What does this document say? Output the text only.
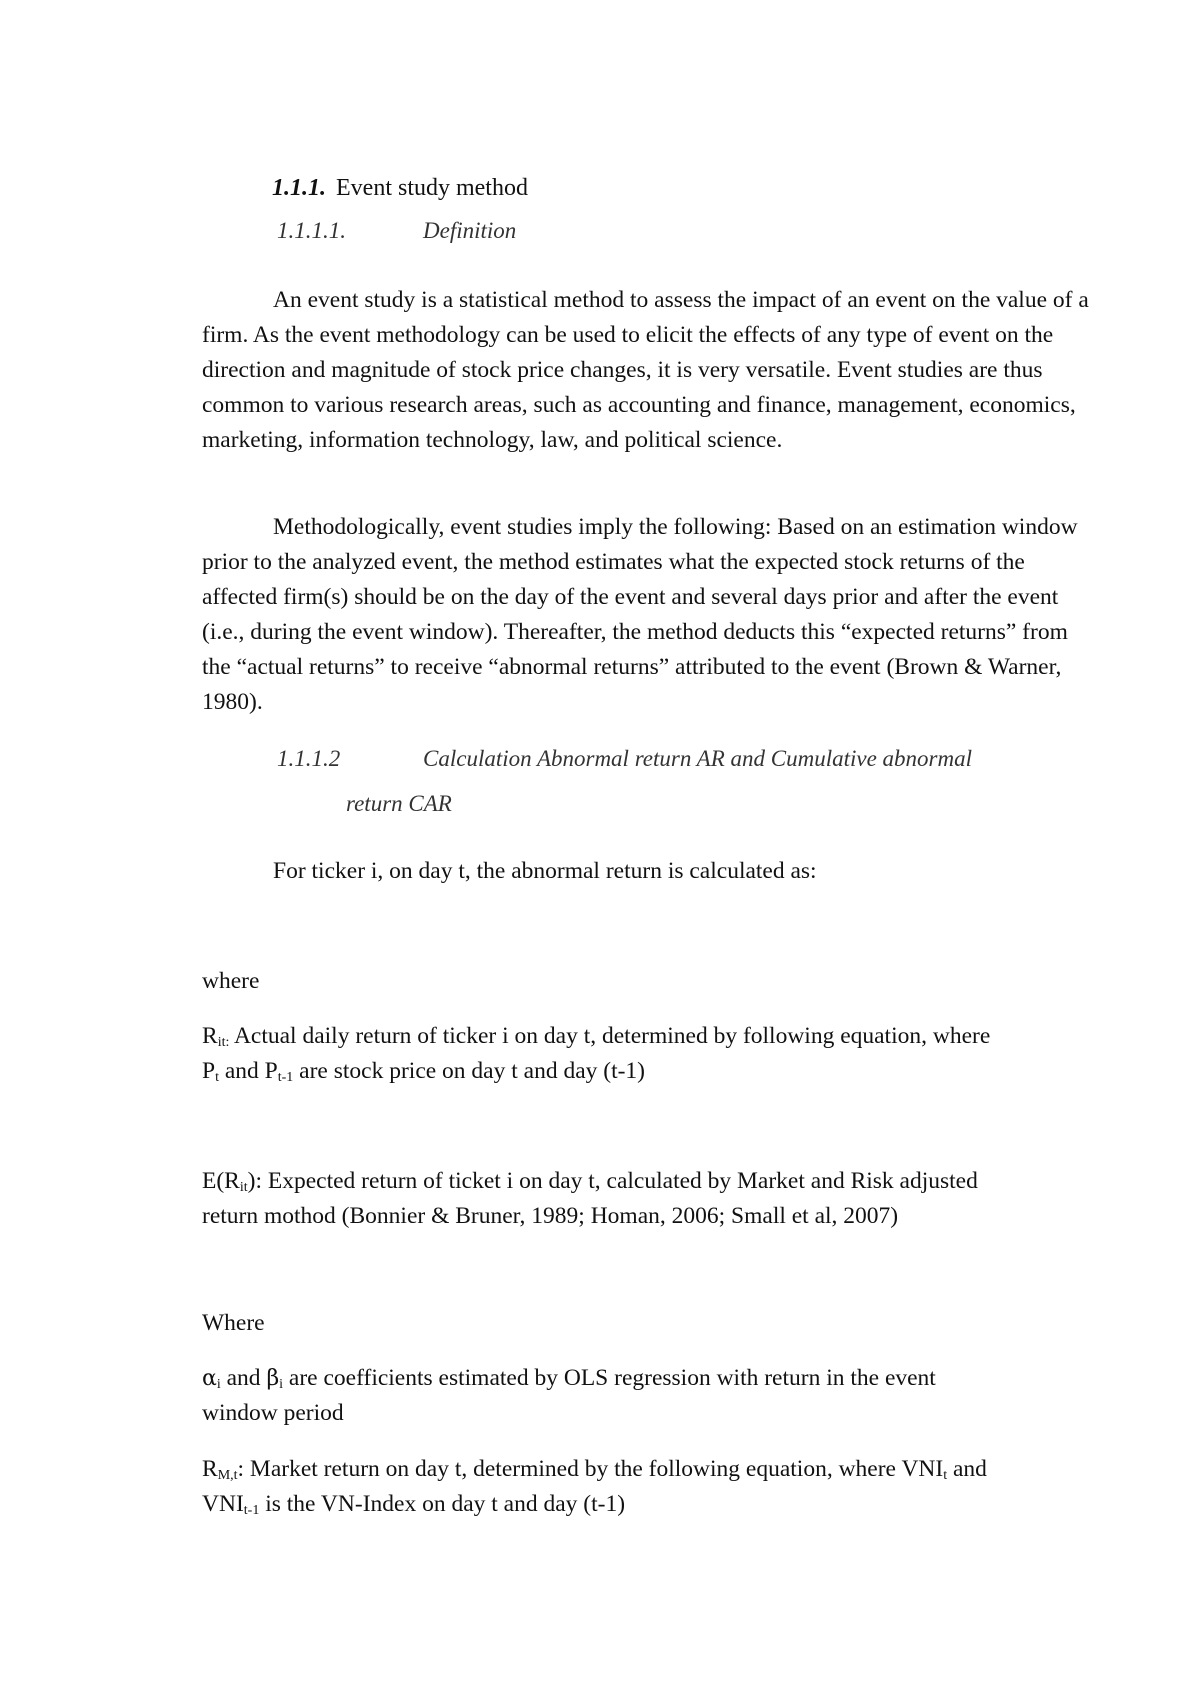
1.1.1. Event study method
1.1.1.1.	Definition

An event study is a statistical method to assess the impact of an event on the value of a firm. As the event methodology can be used to elicit the effects of any type of event on the direction and magnitude of stock price changes, it is very versatile. Event studies are thus common to various research areas, such as accounting and finance, management, economics, marketing, information technology, law, and political science.

Methodologically, event studies imply the following: Based on an estimation window prior to the analyzed event, the method estimates what the expected stock returns of the affected firm(s) should be on the day of the event and several days prior and after the event (i.e., during the event window). Thereafter, the method deducts this “expected returns” from the “actual returns” to receive “abnormal returns” attributed to the event (Brown & Warner, 1980).

1.1.1.2	Calculation Abnormal return AR and Cumulative abnormal
return CAR

For ticker i, on day t, the abnormal return is calculated as:

where
$R_{it:}$ Actual daily return of ticker i on day t, determined by following equation, where
$P_t$ and $P_{t-1}$ are stock price on day t and day (t-1)
$E(R_{it})$: Expected return of ticket i on day t, calculated by Market and Risk adjusted
return mothod (Bonnier & Bruner, 1989; Homan, 2006; Small et al, 2007)
Where
$\alpha_i$ and $\beta_i$ are coefficients estimated by OLS regression with return in the event
window period
$R_{M,t}$: Market return on day t, determined by the following equation, where $VNI_t$ and
$VNI_{t-1}$ is the VN-Index on day t and day (t-1)
